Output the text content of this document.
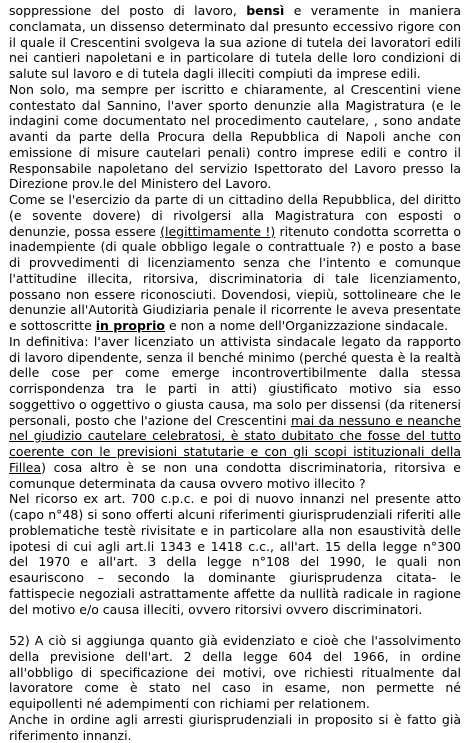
soppressione del posto di lavoro, bensì e veramente in maniera conclamata, un dissenso determinato dal presunto eccessivo rigore con il quale il Crescentini svolgeva la sua azione di tutela dei lavoratori edili nei cantieri napoletani e in particolare di tutela delle loro condizioni di salute sul lavoro e di tutela dagli illeciti compiuti da imprese edili.

Non solo, ma sempre per iscritto e chiaramente, al Crescentini viene contestato dal Sannino, l'aver sporto denunzie alla Magistratura (e le indagini come documentato nel procedimento cautelare, , sono andate avanti da parte della Procura della Repubblica di Napoli anche con emissione di misure cautelari penali) contro imprese edili e contro il Responsabile napoletano del servizio Ispettorato del Lavoro presso la Direzione prov.le del Ministero del Lavoro.

Come se l'esercizio da parte di un cittadino della Repubblica, del diritto (e sovente dovere) di rivolgersi alla Magistratura con esposti o denunzie, possa essere (legittimamente !) ritenuto condotta scorretta o inadempiente (di quale obbligo legale o contrattuale ?) e posto a base di provvedimenti di licenziamento senza che l'intento e comunque l'attitudine illecita, ritorsiva, discriminatoria di tale licenziamento, possano non essere riconosciuti. Dovendosi, viepiù, sottolineare che le denunzie all'Autorità Giudiziaria penale il ricorrente le aveva presentate e sottoscritte in proprio e non a nome dell'Organizzazione sindacale.

In definitiva: l'aver licenziato un attivista sindacale legato da rapporto di lavoro dipendente, senza il benché minimo (perché questa è la realtà delle cose per come emerge incontrovertibilmente dalla stessa corrispondenza tra le parti in atti) giustificato motivo sia esso soggettivo o oggettivo o giusta causa, ma solo per dissensi (da ritenersi personali, posto che l'azione del Crescentini mai da nessuno e neanche nel giudizio cautelare celebratosi, è stato dubitato che fosse del tutto coerente con le previsioni statutarie e con gli scopi istituzionali della Fillea) cosa altro è se non una condotta discriminatoria, ritorsiva e comunque determinata da causa ovvero motivo illecito ?

Nel ricorso ex art. 700 c.p.c. e poi di nuovo innanzi nel presente atto (capo n°48) si sono offerti alcuni riferimenti giurisprudenziali riferiti alle problematiche testè rivisitate e in particolare alla non esaustività delle ipotesi di cui agli art.li 1343 e 1418 c.c., all'art. 15 della legge n°300 del 1970 e all'art. 3 della legge n°108 del 1990, le quali non esauriscono – secondo la dominante giurisprudenza citata- le fattispecie negoziali astrattamente affette da nullità radicale in ragione del motivo e/o causa illeciti, ovvero ritorsivi ovvero discriminatori.

52) A ciò si aggiunga quanto già evidenziato e cioè che l'assolvimento della previsione dell'art. 2 della legge 604 del 1966, in ordine all'obbligo di specificazione dei motivi, ove richiesti ritualmente dal lavoratore come è stato nel caso in esame, non permette né equipollenti né adempimenti con richiami per relationem.

Anche in ordine agli arresti giurisprudenziali in proposito si è fatto già riferimento innanzi.
